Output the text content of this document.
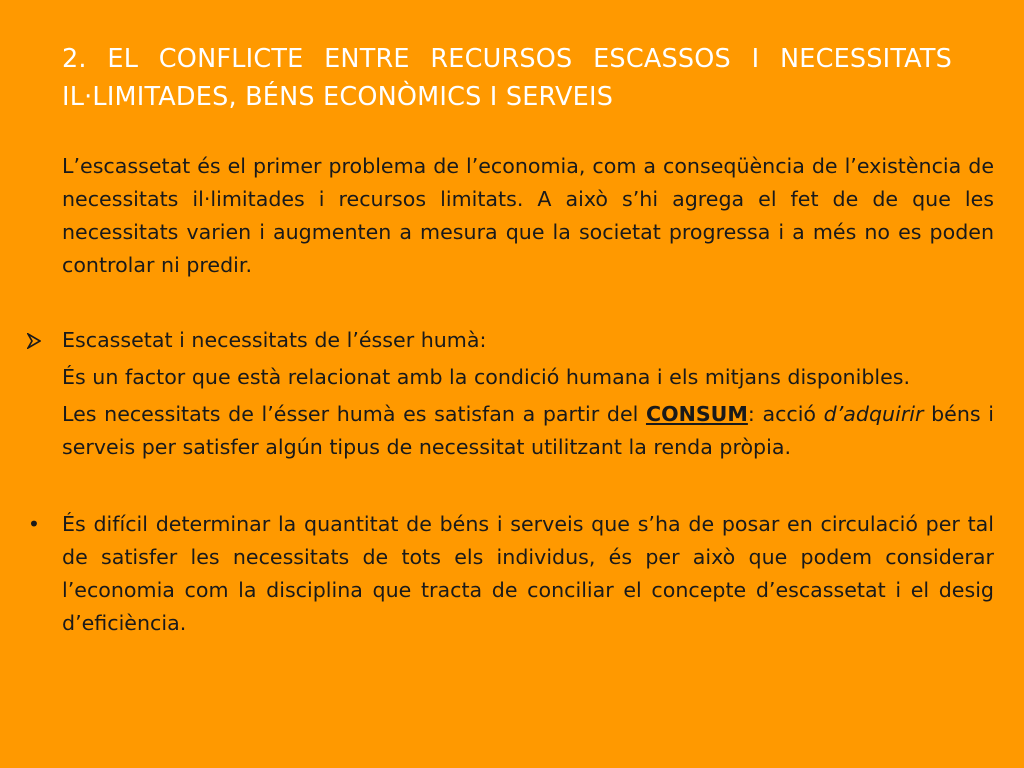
2. EL CONFLICTE ENTRE RECURSOS ESCASSOS I NECESSITATS IL·LIMITADES, BÉNS ECONÒMICS I SERVEIS

L’escassetat és el primer problema de l’economia, com a conseqüència de l’existència de necessitats il·limitades i recursos limitats. A això s’hi agrega el fet de de que les necessitats varien i augmenten a mesura que la societat progressa i a més no es poden controlar ni predir.

Escassetat i necessitats de l’ésser humà:

És un factor que està relacionat amb la condició humana i els mitjans disponibles.

Les necessitats de l’ésser humà es satisfan a partir del CONSUM: acció d’adquirir béns i serveis per satisfer algún tipus de necessitat utilitzant la renda pròpia.

• És difícil determinar la quantitat de béns i serveis que s’ha de posar en circulació per tal de satisfer les necessitats de tots els individus, és per això que podem considerar l’economia com la disciplina que tracta de conciliar el concepte d’escassetat i el desig d’eficiència.
